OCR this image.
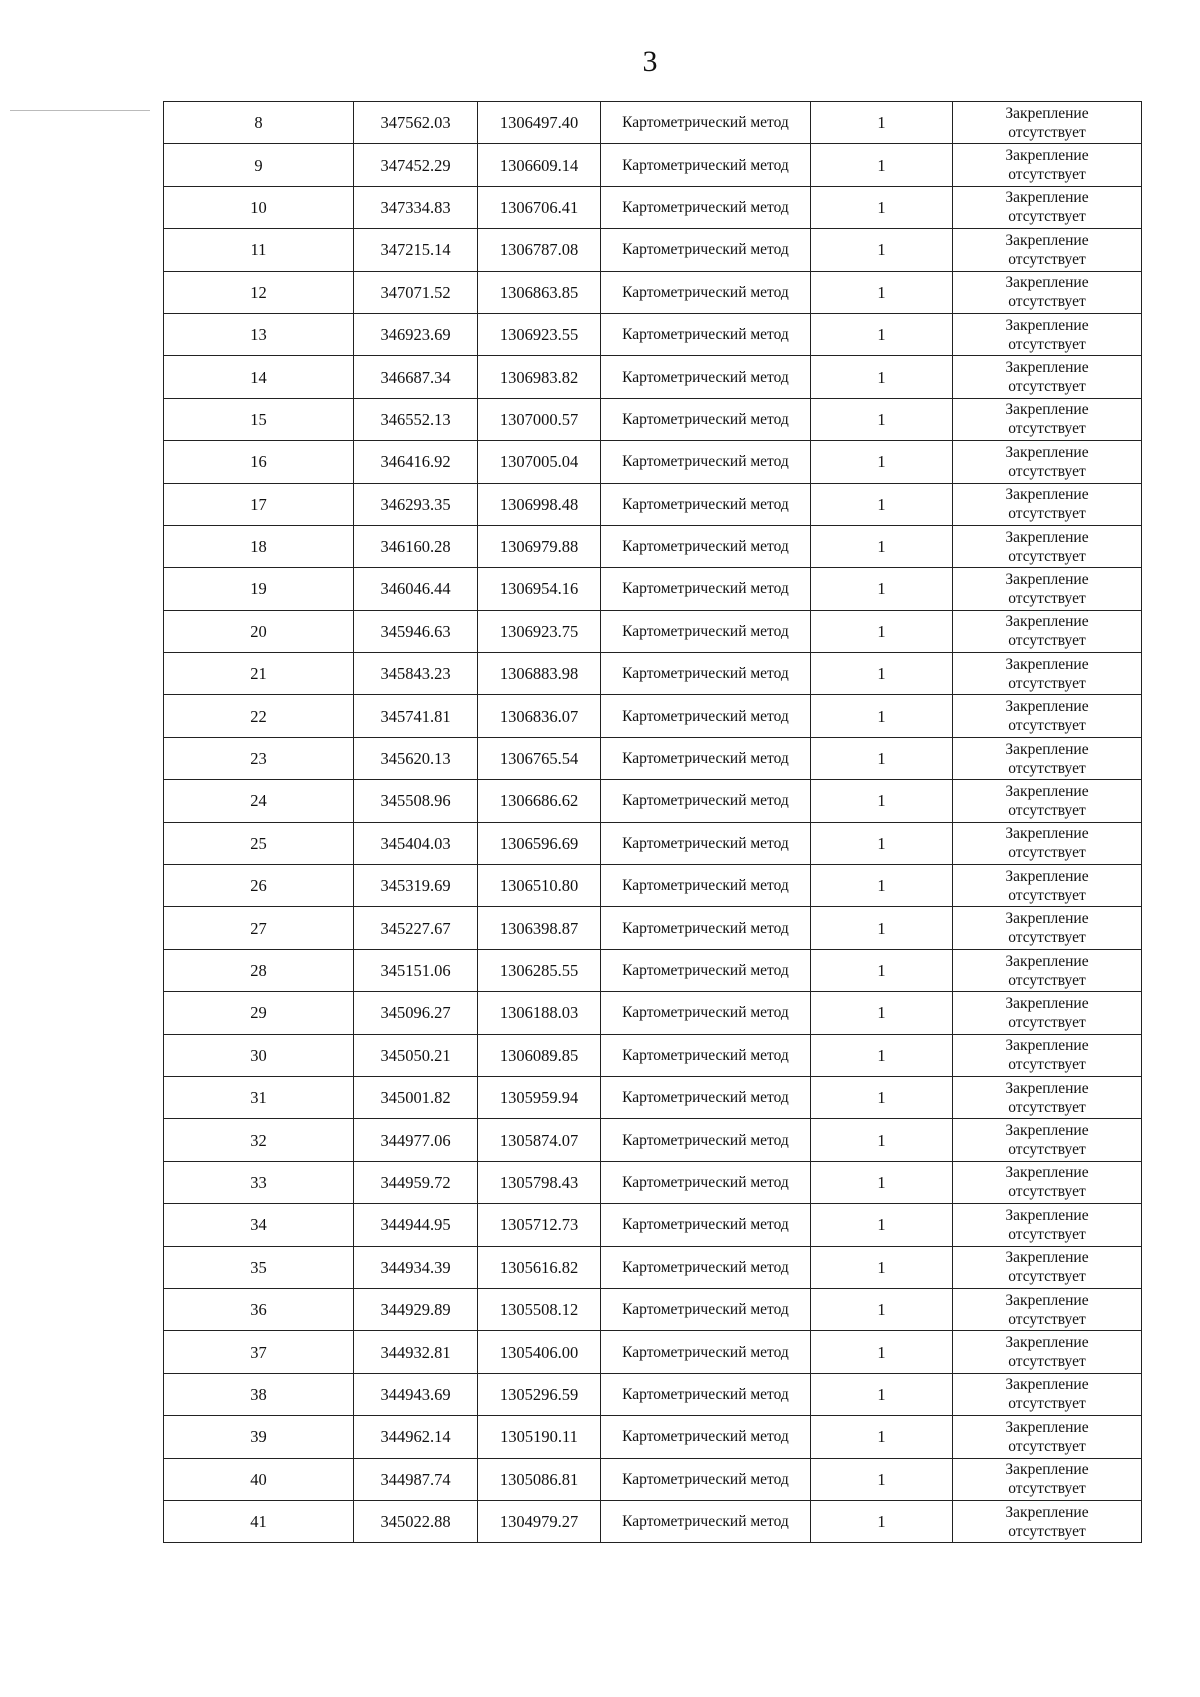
3
8	347562.03	1306497.40	Картометрический метод	1	Закрепление
отсутствует

9	347452.29	1306609.14	Картометрический метод	1	Закрепление
отсутствует

10	347334.83	1306706.41	Картометрический метод	1	Закрепление
отсутствует

11	347215.14	1306787.08	Картометрический метод	1	Закрепление
отсутствует

12	347071.52	1306863.85	Картометрический метод	1	Закрепление
отсутствует

13	346923.69	1306923.55	Картометрический метод	1	Закрепление
отсутствует

14	346687.34	1306983.82	Картометрический метод	1	Закрепление
отсутствует

15	346552.13	1307000.57	Картометрический метод	1	Закрепление
отсутствует

16	346416.92	1307005.04	Картометрический метод	1	Закрепление
отсутствует

17	346293.35	1306998.48	Картометрический метод	1	Закрепление
отсутствует

18	346160.28	1306979.88	Картометрический метод	1	Закрепление
отсутствует

19	346046.44	1306954.16	Картометрический метод	1	Закрепление
отсутствует

20	345946.63	1306923.75	Картометрический метод	1	Закрепление
отсутствует

21	345843.23	1306883.98	Картометрический метод	1	Закрепление
отсутствует

22	345741.81	1306836.07	Картометрический метод	1	Закрепление
отсутствует

23	345620.13	1306765.54	Картометрический метод	1	Закрепление
отсутствует

24	345508.96	1306686.62	Картометрический метод	1	Закрепление
отсутствует

25	345404.03	1306596.69	Картометрический метод	1	Закрепление
отсутствует

26	345319.69	1306510.80	Картометрический метод	1	Закрепление
отсутствует

27	345227.67	1306398.87	Картометрический метод	1	Закрепление
отсутствует

28	345151.06	1306285.55	Картометрический метод	1	Закрепление
отсутствует

29	345096.27	1306188.03	Картометрический метод	1	Закрепление
отсутствует

30	345050.21	1306089.85	Картометрический метод	1	Закрепление
отсутствует

31	345001.82	1305959.94	Картометрический метод	1	Закрепление
отсутствует

32	344977.06	1305874.07	Картометрический метод	1	Закрепление
отсутствует

33	344959.72	1305798.43	Картометрический метод	1	Закрепление
отсутствует

34	344944.95	1305712.73	Картометрический метод	1	Закрепление
отсутствует

35	344934.39	1305616.82	Картометрический метод	1	Закрепление
отсутствует

36	344929.89	1305508.12	Картометрический метод	1	Закрепление
отсутствует

37	344932.81	1305406.00	Картометрический метод	1	Закрепление
отсутствует

38	344943.69	1305296.59	Картометрический метод	1	Закрепление
отсутствует

39	344962.14	1305190.11	Картометрический метод	1	Закрепление
отсутствует

40	344987.74	1305086.81	Картометрический метод	1	Закрепление
отсутствует

41	345022.88	1304979.27	Картометрический метод	1	Закрепление
отсутствует
